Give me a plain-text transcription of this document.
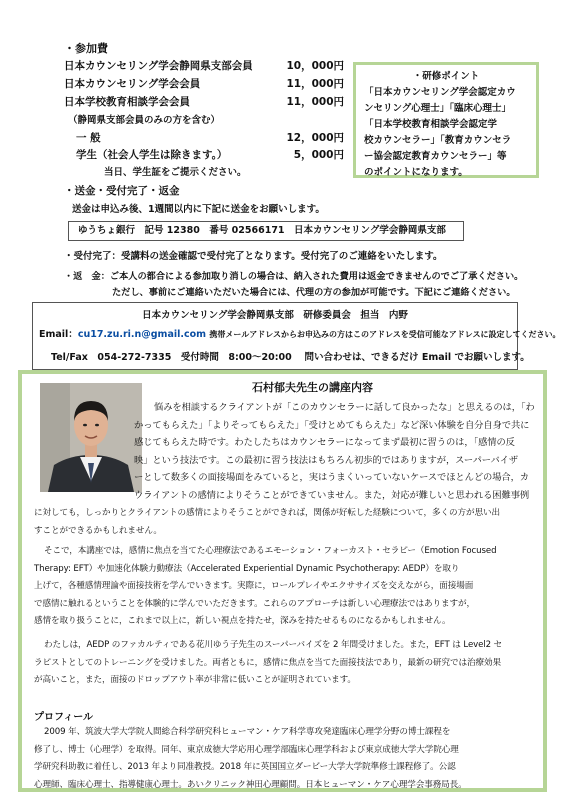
・参加費
日本カウンセリング学会静岡県支部会員	10，000円
日本カウンセリング学会会員	11，000円
日本学校教育相談学会会員	11，000円
（静岡県支部会員のみの方を含む）
一 般	12，000円
学生（社会人学生は除きます。）	5，000円
当日、学生証をご提示ください。
・研修ポイント
「日本カウンセリング学会認定カウ
ンセリング心理士」「臨床心理士」
「日本学校教育相談学会認定学
校カウンセラー」「教育カウンセラ
ー協会認定教育カウンセラー」等
のポイントになります。
・送金・受付完了・返金
送金は申込み後、1週間以内に下記に送金をお願いします。
ゆうちょ銀行　記号 12380　番号 02566171　日本カウンセリング学会静岡県支部
・受付完了：受講料の送金確認で受付完了となります。受付完了のご連絡をいたします。
・返　金：ご本人の都合による参加取り消しの場合は、納入された費用は返金できませんのでご了承ください。
ただし、事前にご連絡いただいた場合には、代理の方の参加が可能です。下記にご連絡ください。
日本カウンセリング学会静岡県支部　研修委員会　担当　内野
Email：cu17.zu.ri.n@gmail.com 携帯メールアドレスからお申込みの方はこのアドレスを受信可能なアドレスに設定してください。
Tel/Fax　054-272-7335　受付時間　8:00～20:00　 問い合わせは、できるだけ Email でお願いします。
石村郁夫先生の講座内容
悩みを相談するクライアントが「このカウンセラーに話して良かったな」と思えるのは，「わ
かってもらえた」「よりそってもらえた」「受けとめてもらえた」など深い体験を自分自身で共に
感じてもらえた時です。わたしたちはカウンセラーになってまず最初に習うのは，「感情の反
映」という技法です。この最初に習う技法はもちろん初歩的ではありますが，スーパーバイザ
ーとして数多くの面接場面をみていると，実はうまくいっていないケースでほとんどの場合，カ
ウライアントの感情によりそうことができていません。また，対応が難しいと思われる困難事例
に対しても，しっかりとクライアントの感情によりそうことができれば，関係が好転した経験について，多くの方が思い出
すことができるかもしれません。
そこで，本講座では，感情に焦点を当てた心理療法であるエモーション・フォーカスト・セラピー（Emotion Focused
Therapy: EFT）や加速化体験力動療法（Accelerated Experiential Dynamic Psychotherapy: AEDP）を取り
上げて，各種感情理論や面接技術を学んでいきます。実際に，ロールプレイやエクササイズを交えながら，面接場面
で感情に触れるということを体験的に学んでいただきます。これらのアプローチは新しい心理療法ではありますが，
感情を取り扱うことに，これまで以上に，新しい視点を持たせ，深みを持たせるものになるかもしれません。
わたしは，AEDP のファカルティである花川ゆう子先生のスーパーバイズを 2 年間受けました。また，EFT は Level2 セ
ラピストとしてのトレーニングを受けました。両者ともに，感情に焦点を当てた面接技法であり，最新の研究では治療効果
が高いこと，また，面接のドロップアウト率が非常に低いことが証明されています。
プロフィール
2009 年、筑波大学大学院人間総合科学研究科ヒューマン・ケア科学専攻発達臨床心理学分野の博士課程を
修了し、博士（心理学）を取得。同年、東京成徳大学応用心理学部臨床心理学科および東京成徳大学大学院心理
学研究科助教に着任し、2013 年より同准教授。2018 年に英国国立ダービー大学大学院準修士課程修了。公認
心理師、臨床心理士、指導健康心理士。あいクリニック神田心理顧問。日本ヒューマン・ケア心理学会事務局長。
